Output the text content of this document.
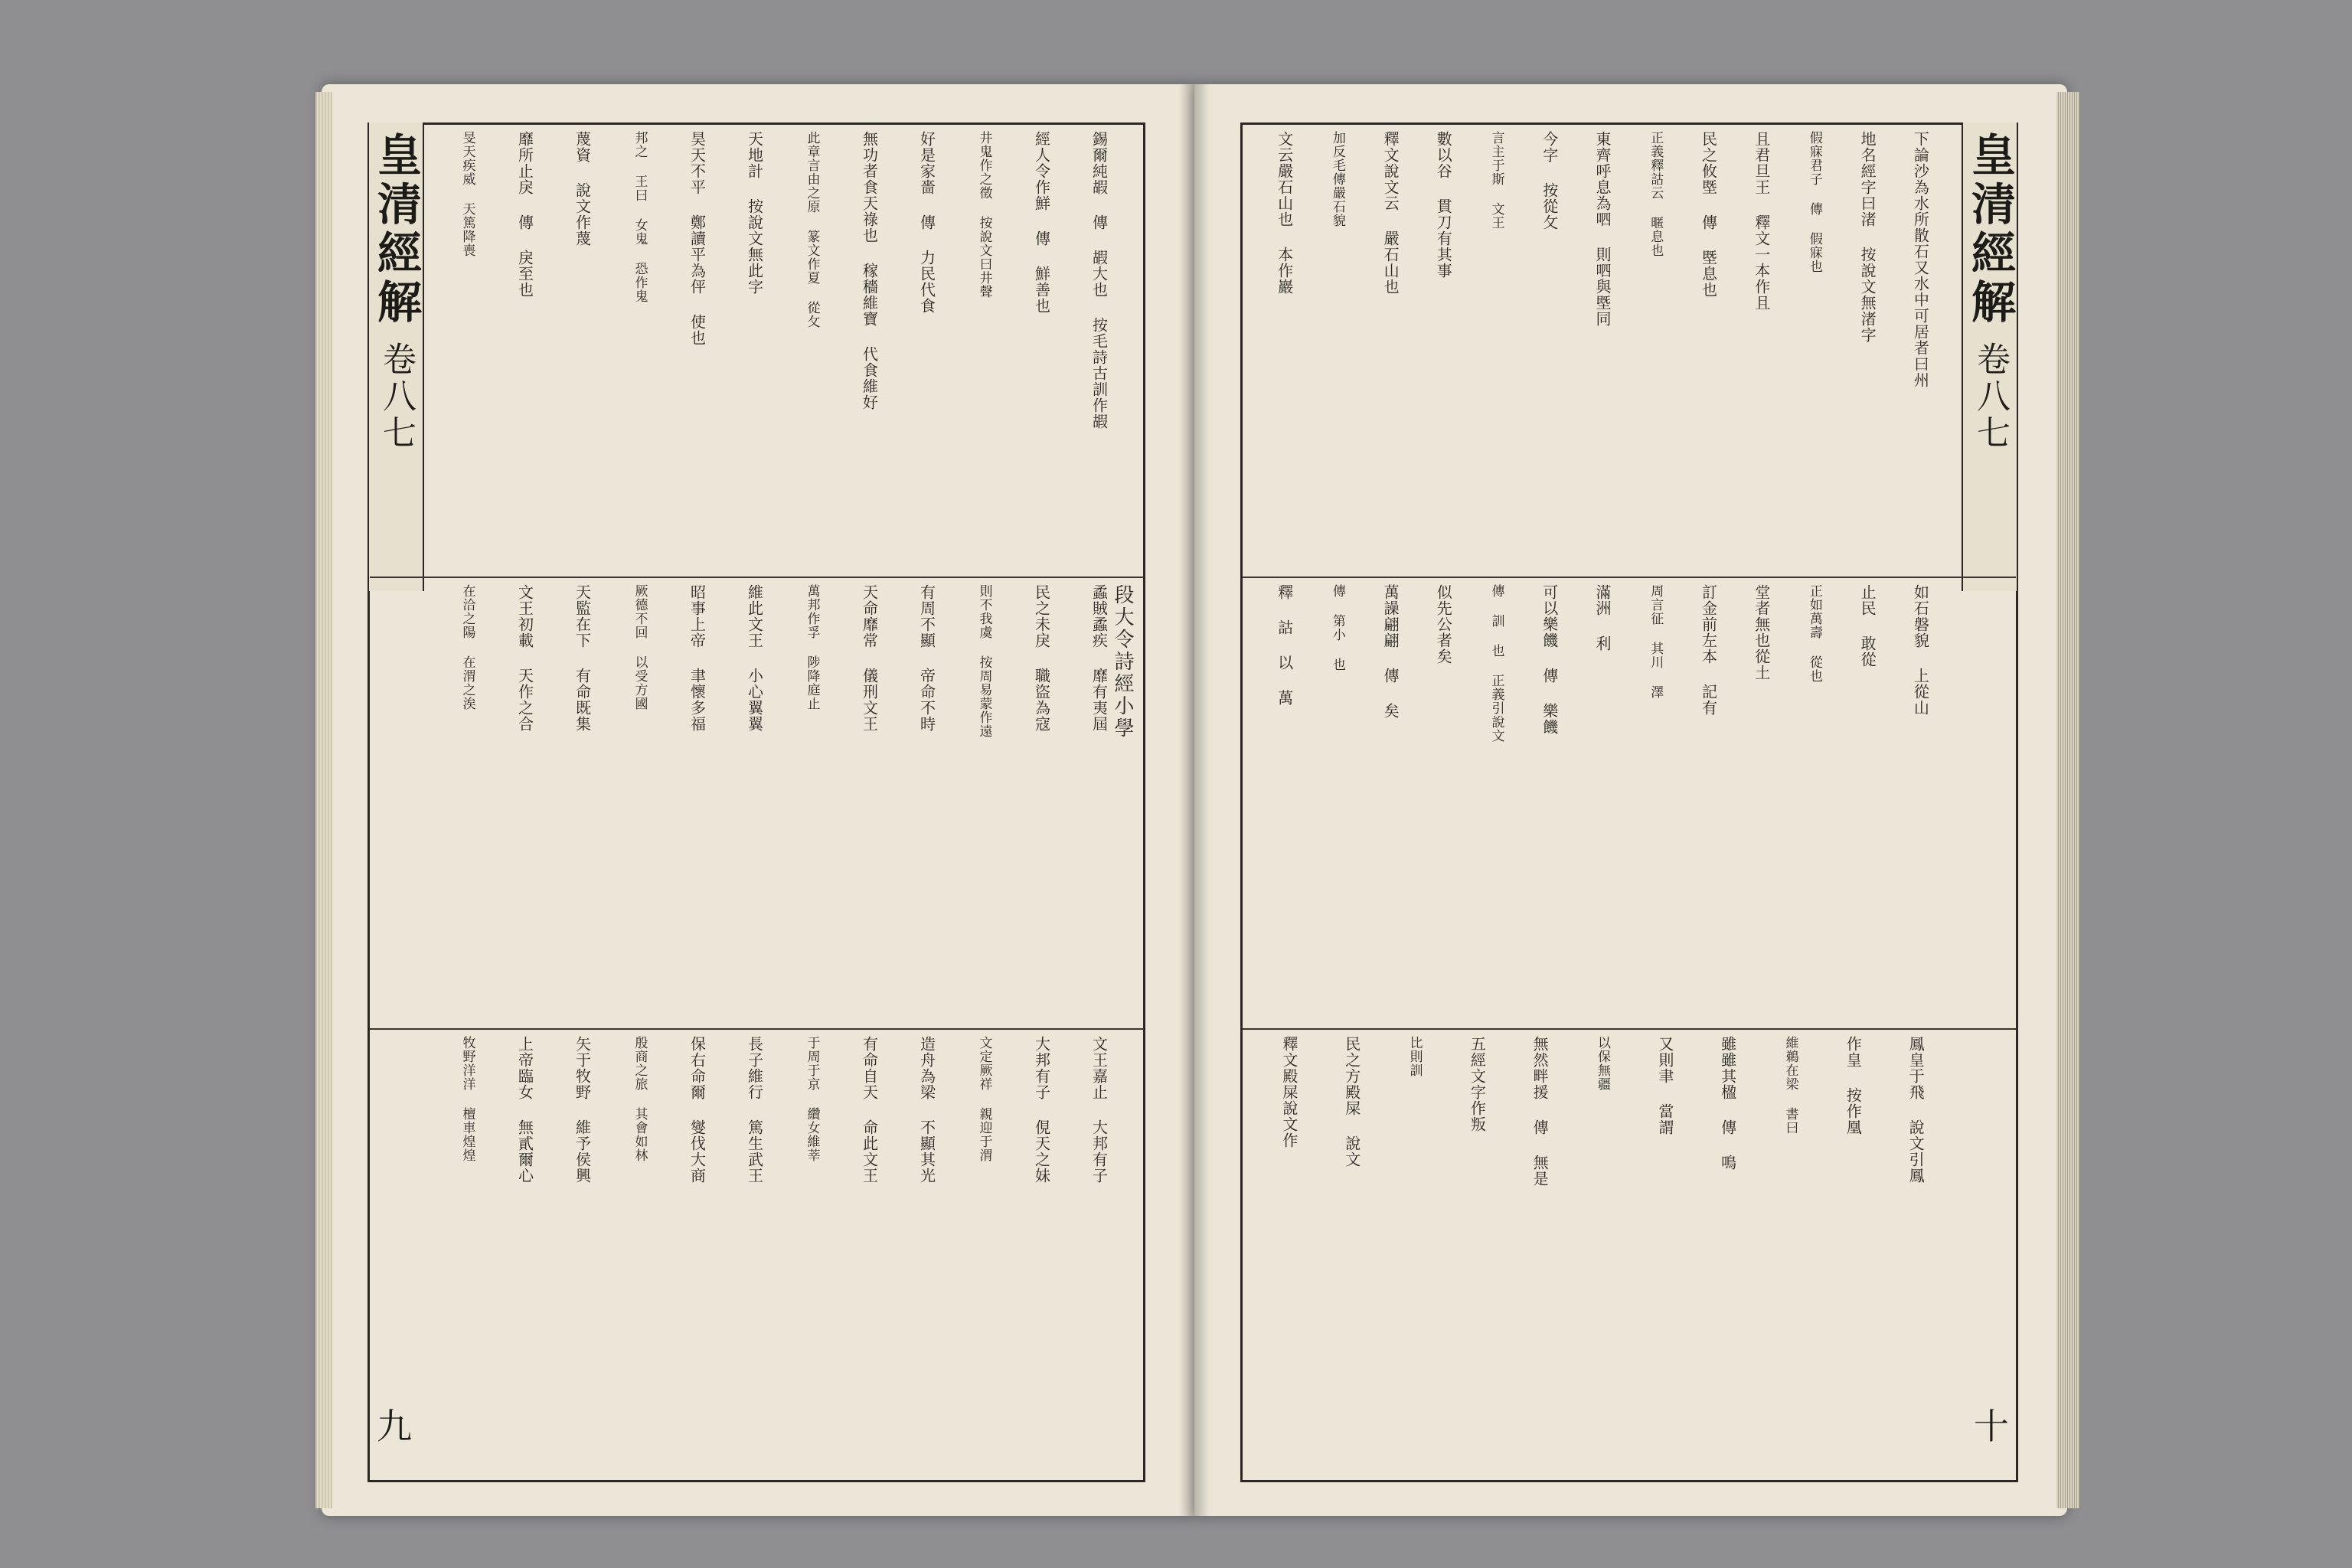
皇清經解
卷八七
九
段大令詩經小學
錫爾純嘏 傳 嘏大也 按毛詩古訓作嘏
經人令作鮮 傳 鮮善也
井鬼作之徵 按說文曰井聲
好是家嗇 傳 力民代食
無功者食天祿也 稼穡維寶 代食維好
此章言由之原 篆文作夏 從攵
天地計 按說文無此字
昊天不平 鄭讀平為伻 使也
邦之 王曰 女鬼 恐作鬼
蔑資 說文作蔑
靡所止戾 傳 戾至也
旻天疾威 天篤降喪
蟊賊蟊疾 靡有夷屆
民之未戾 職盜為寇
則不我虞 按周易蒙作遠
有周不顯 帝命不時
天命靡常 儀刑文王
萬邦作孚 陟降庭止
維此文王 小心翼翼
昭事上帝 聿懷多福
厥德不回 以受方國
天監在下 有命既集
文王初載 天作之合
在洽之陽 在渭之涘
文王嘉止 大邦有子
大邦有子 俔天之妹
文定厥祥 親迎于渭
造舟為梁 不顯其光
有命自天 命此文王
于周于京 纘女維莘
長子維行 篤生武王
保右命爾 燮伐大商
殷商之旅 其會如林
矢于牧野 維予侯興
上帝臨女 無貳爾心
牧野洋洋 檀車煌煌
皇清經解
卷八七
十
下論沙為水所散石又水中可居者曰州
地名經字曰渚 按說文無渚字
假寐君子 傳 假寐也
且君旦王 釋文一本作且
民之攸塈 傳 塈息也
正義釋詁云 暱息也
東齊呼息為呬 則呬與塈同
今字 按從攵
言主于斯 文王
數以谷 貫刀有其事
釋文說文云 嚴石山也
加反毛傳嚴石貌
文云嚴石山也 本作巖
如石磐貌 上從山
止民 敢從
正如萬壽 從也
堂者無也從土
訂金前左本 記有
周言征 其川 澤
滿洲 利
可以樂饑 傳 樂饑
傳 訓 也 正義引說文
似先公者矣
萬譟翩翩 傳 矣
傳 第小 也
釋 詁 以 萬
鳳皇于飛 說文引鳳
作皇 按作凰
維鵜在梁 書曰
雖雖其楹 傳 鳴
又則聿 當謂
以保無疆
無然畔援 傳 無是
五經文字作叛
比則訓
民之方殿屎 說文
釋文殿屎說文作
